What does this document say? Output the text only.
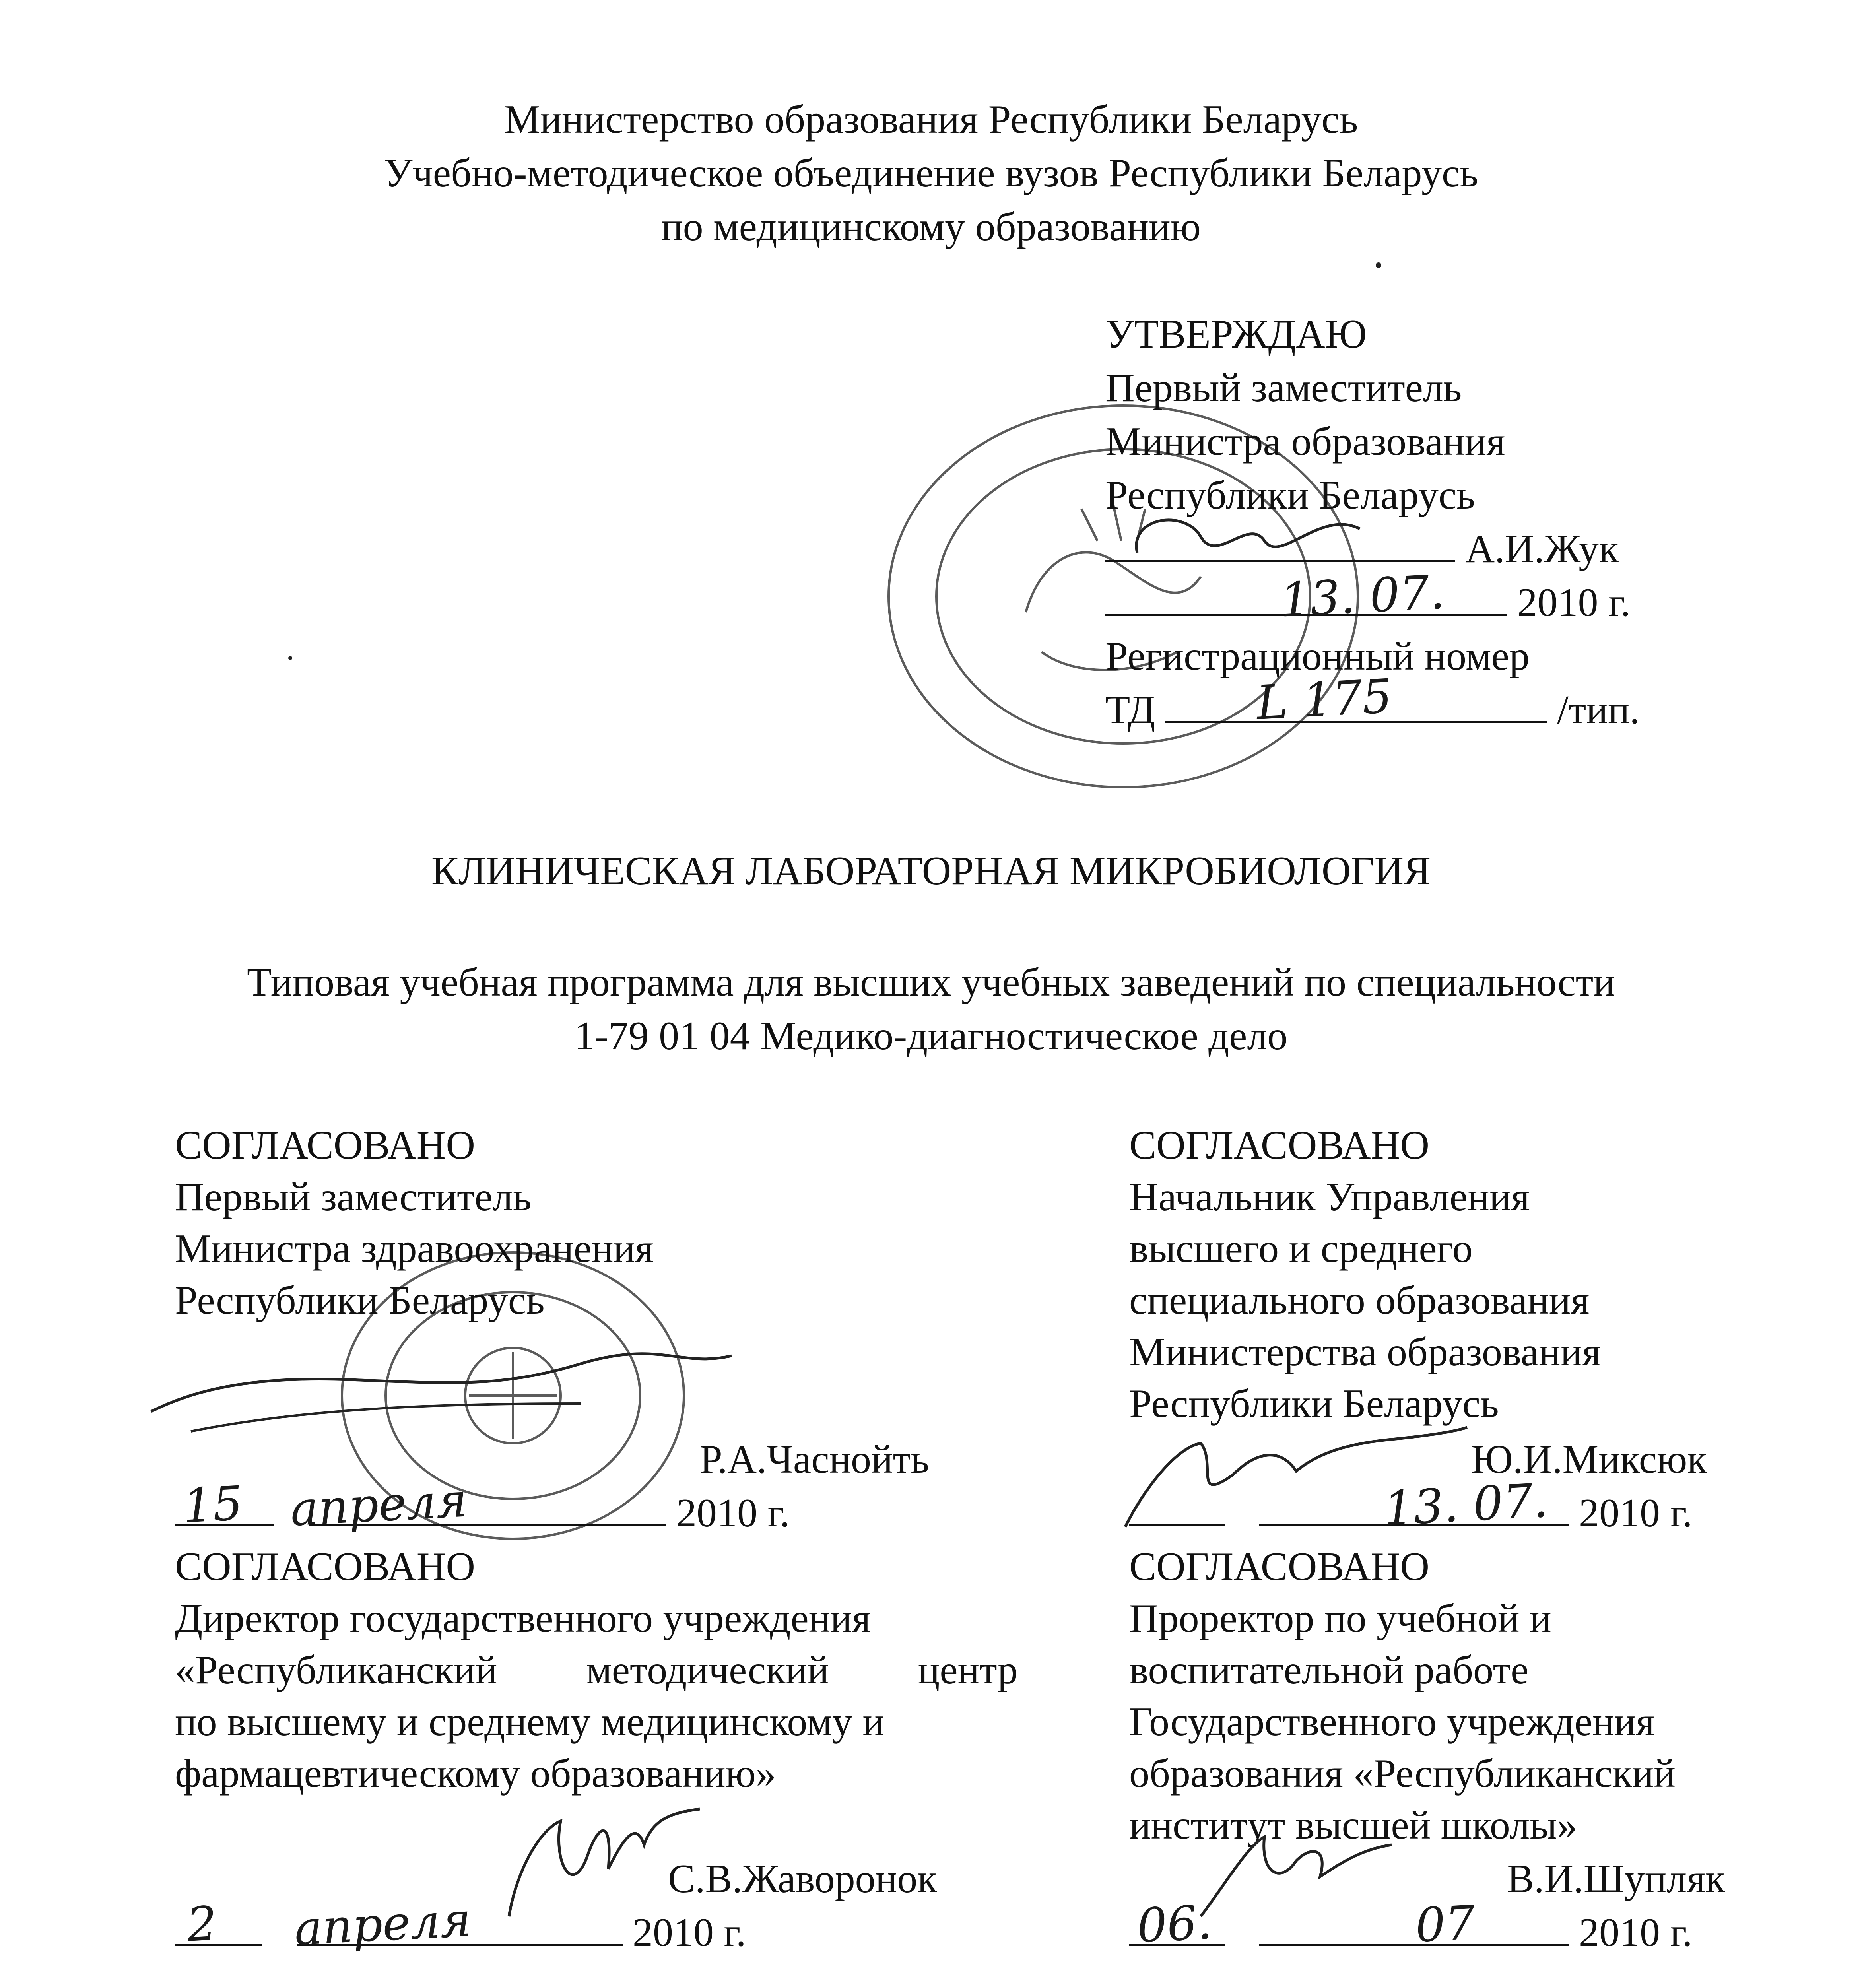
Министерство образования Республики Беларусь
Учебно-методическое объединение вузов Республики Беларусь
по медицинскому образованию
УТВЕРЖДАЮ
Первый заместитель
Министра образования
Республики Беларусь
А.И.Жук
2010 г.
13. 07.
Регистрационный номер
ТД	/тип.
L 175
КЛИНИЧЕСКАЯ ЛАБОРАТОРНАЯ МИКРОБИОЛОГИЯ
Типовая учебная программа для высших учебных заведений по специальности
1-79 01 04 Медико-диагностическое дело
СОГЛАСОВАНО
Первый заместитель
Министра здравоохранения
Республики Беларусь
Р.А.Часнойть
2010 г.
15 апреля
СОГЛАСОВАНО
Начальник Управления
высшего и среднего
специального образования
Министерства образования
Республики Беларусь
Ю.И.Миксюк
2010 г.
13. 07.
СОГЛАСОВАНО
Директор государственного учреждения
«Республиканский методический центр
по высшему и среднему медицинскому и
фармацевтическому образованию»
С.В.Жаворонок
2010 г.
2 апреля
СОГЛАСОВАНО
Проректор по учебной и
воспитательной работе
Государственного учреждения
образования «Республиканский
институт высшей школы»
В.И.Шупляк
2010 г.
06.	07
